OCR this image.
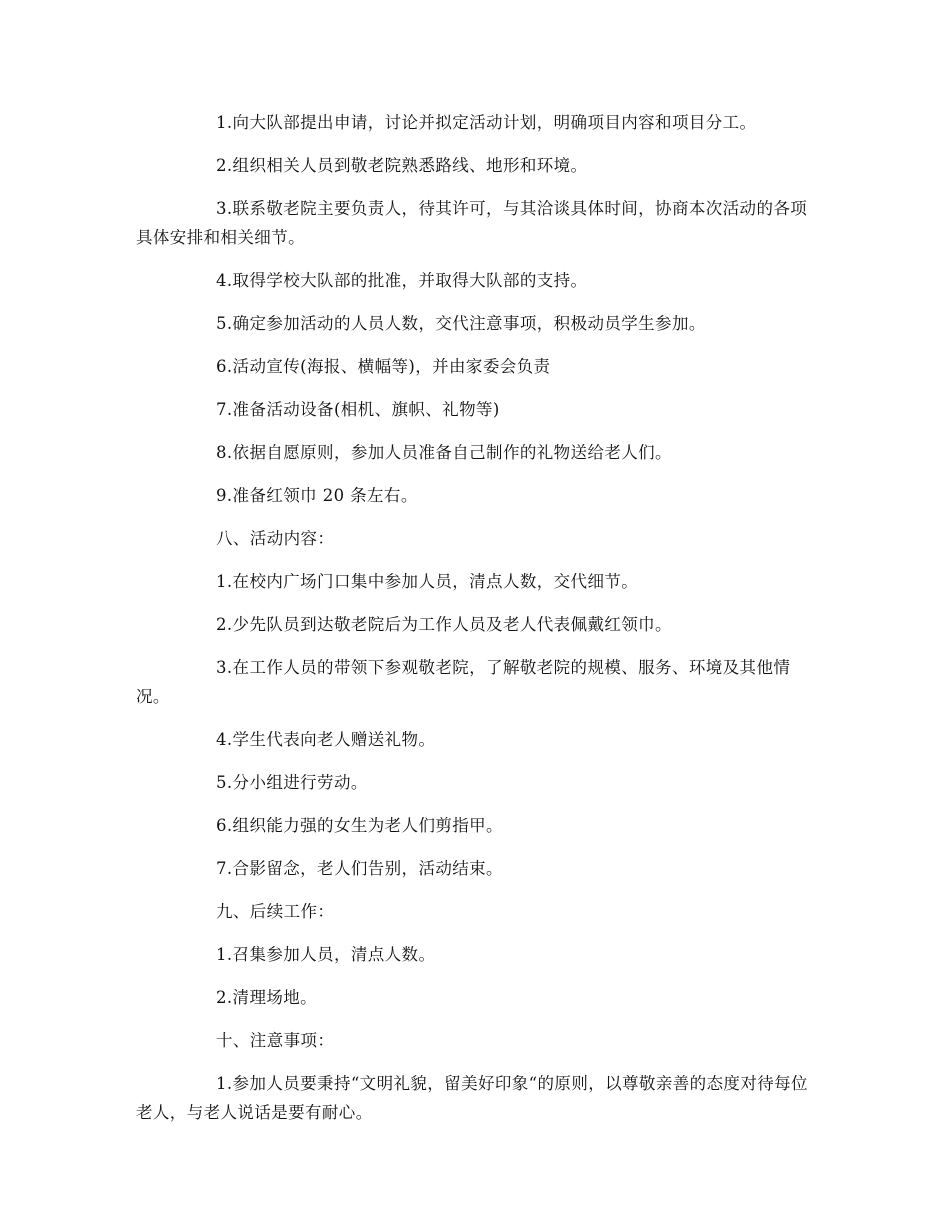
1.向大队部提出申请，讨论并拟定活动计划，明确项目内容和项目分工。

2.组织相关人员到敬老院熟悉路线、地形和环境。

3.联系敬老院主要负责人，待其许可，与其洽谈具体时间，协商本次活动的各项具体安排和相关细节。

4.取得学校大队部的批准，并取得大队部的支持。

5.确定参加活动的人员人数，交代注意事项，积极动员学生参加。

6.活动宣传(海报、横幅等)，并由家委会负责

7.准备活动设备(相机、旗帜、礼物等)

8.依据自愿原则，参加人员准备自己制作的礼物送给老人们。

9.准备红领巾 20 条左右。

八、活动内容：

1.在校内广场门口集中参加人员，清点人数，交代细节。

2.少先队员到达敬老院后为工作人员及老人代表佩戴红领巾。

3.在工作人员的带领下参观敬老院，了解敬老院的规模、服务、环境及其他情况。

4.学生代表向老人赠送礼物。

5.分小组进行劳动。

6.组织能力强的女生为老人们剪指甲。

7.合影留念，老人们告别，活动结束。

九、后续工作：

1.召集参加人员，清点人数。

2.清理场地。

十、注意事项：

1.参加人员要秉持“文明礼貌，留美好印象“的原则，以尊敬亲善的态度对待每位老人，与老人说话是要有耐心。
